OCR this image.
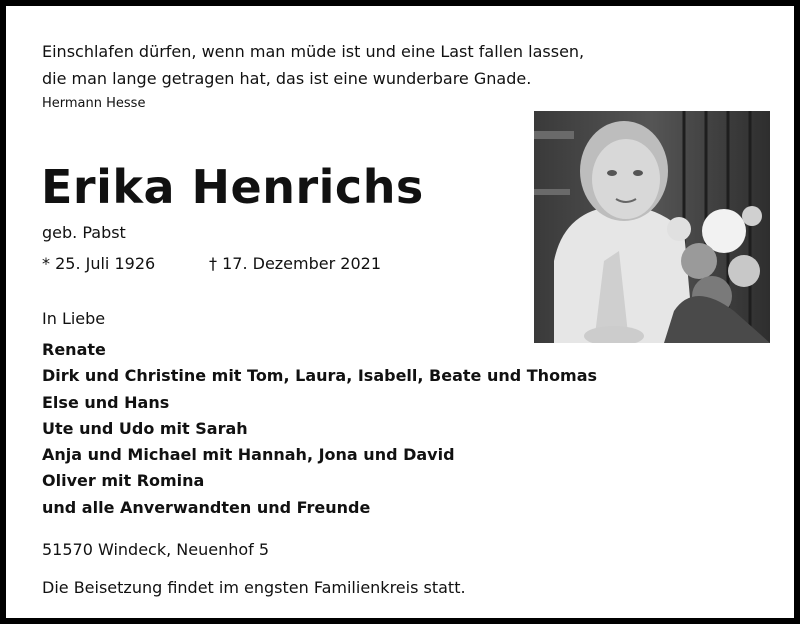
Einschlafen dürfen, wenn man müde ist und eine Last fallen lassen,
die man lange getragen hat, das ist eine wunderbare Gnade.
Hermann Hesse
Erika Henrichs
geb. Pabst
* 25. Juli 1926	† 17. Dezember 2021
In Liebe
Renate
Dirk und Christine mit Tom, Laura, Isabell, Beate und Thomas
Else und Hans
Ute und Udo mit Sarah
Anja und Michael mit Hannah, Jona und David
Oliver mit Romina
und alle Anverwandten und Freunde
51570 Windeck, Neuenhof 5
Die Beisetzung findet im engsten Familienkreis statt.
